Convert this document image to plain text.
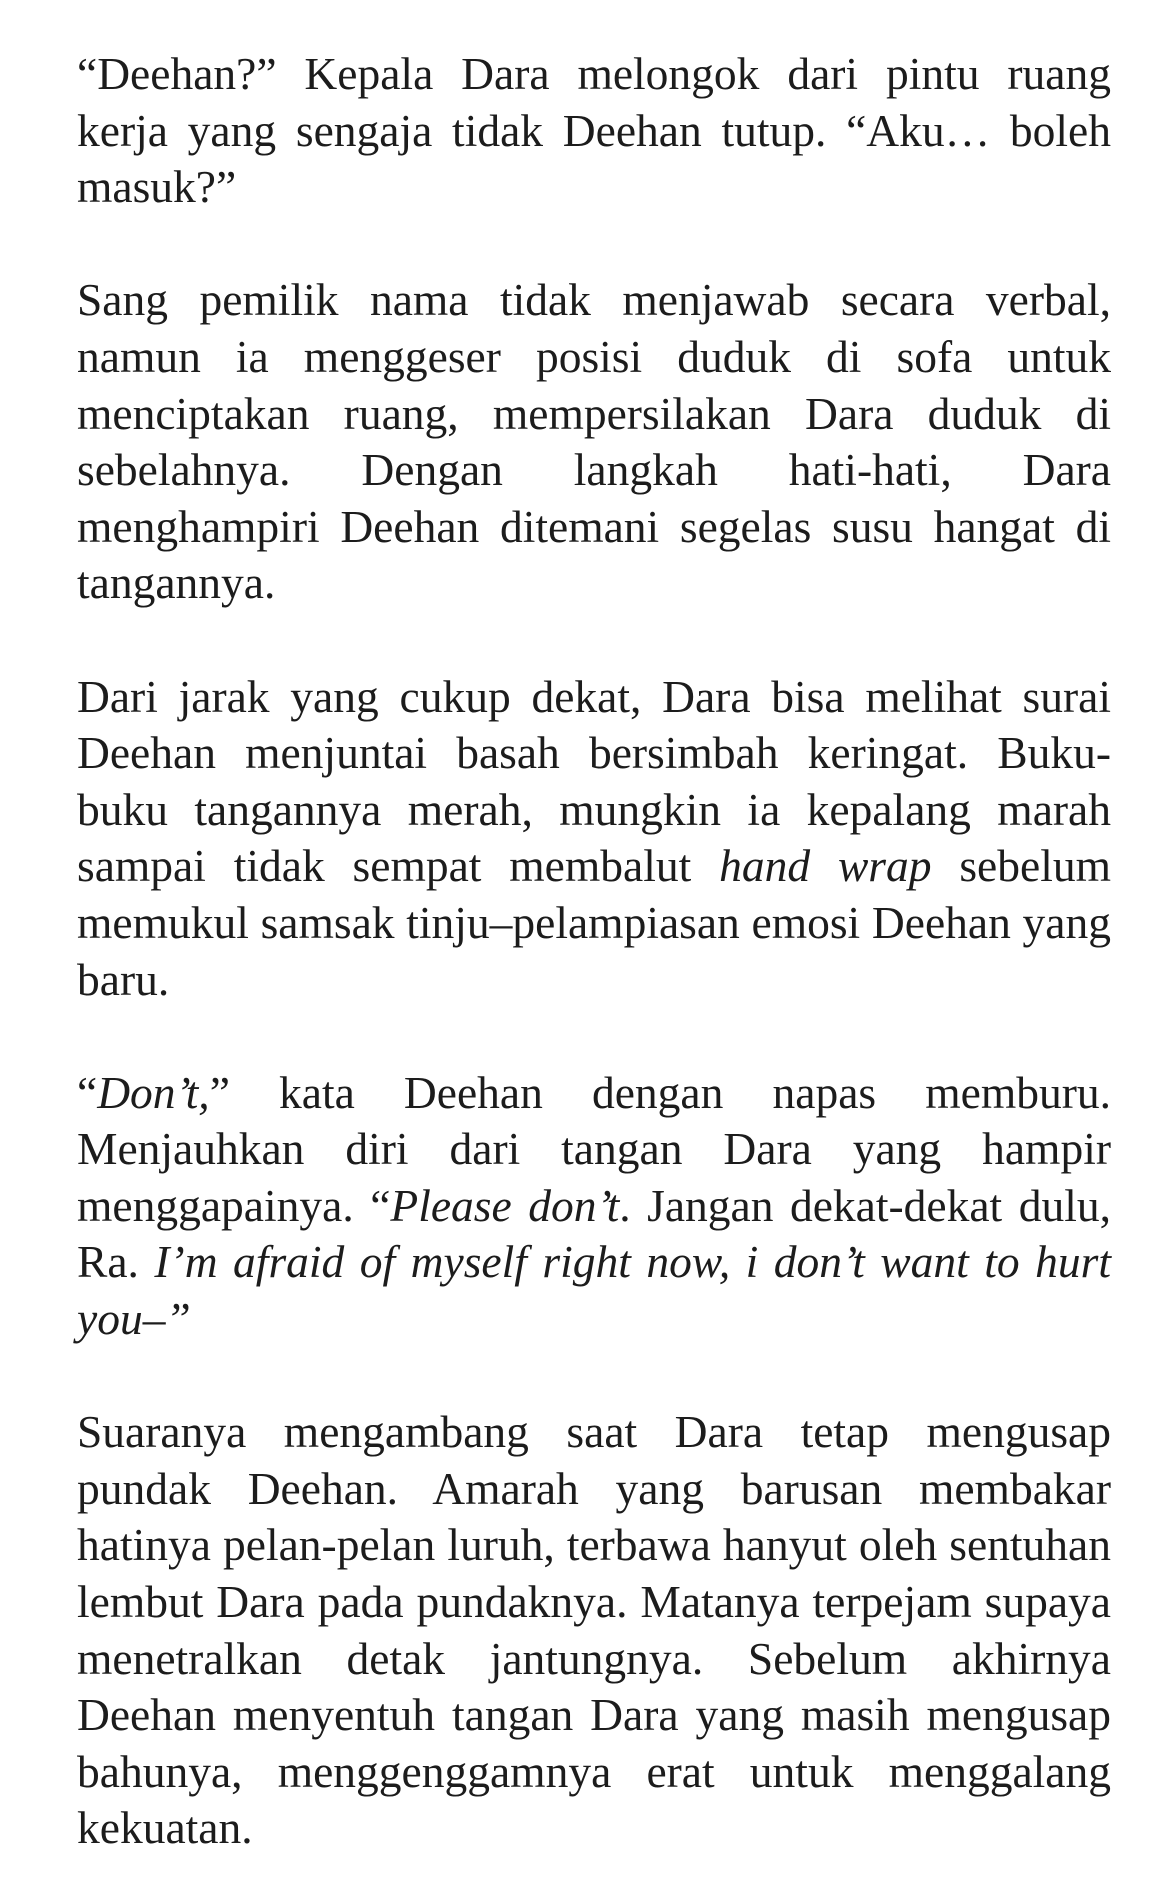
“Deehan?” Kepala Dara melongok dari pintu ruang kerja yang sengaja tidak Deehan tutup. “Aku… boleh masuk?”

Sang pemilik nama tidak menjawab secara verbal, namun ia menggeser posisi duduk di sofa untuk menciptakan ruang, mempersilakan Dara duduk di sebelahnya. Dengan langkah hati-hati, Dara menghampiri Deehan ditemani segelas susu hangat di tangannya.

Dari jarak yang cukup dekat, Dara bisa melihat surai Deehan menjuntai basah bersimbah keringat. Buku-buku tangannya merah, mungkin ia kepalang marah sampai tidak sempat membalut hand wrap sebelum memukul samsak tinju–pelampiasan emosi Deehan yang baru.

“Don’t,” kata Deehan dengan napas memburu. Menjauhkan diri dari tangan Dara yang hampir menggapainya. “Please don’t. Jangan dekat-dekat dulu, Ra. I’m afraid of myself right now, i don’t want to hurt you–”

Suaranya mengambang saat Dara tetap mengusap pundak Deehan. Amarah yang barusan membakar hatinya pelan-pelan luruh, terbawa hanyut oleh sentuhan lembut Dara pada pundaknya. Matanya terpejam supaya menetralkan detak jantungnya. Sebelum akhirnya Deehan menyentuh tangan Dara yang masih mengusap bahunya, menggenggamnya erat untuk menggalang kekuatan.
